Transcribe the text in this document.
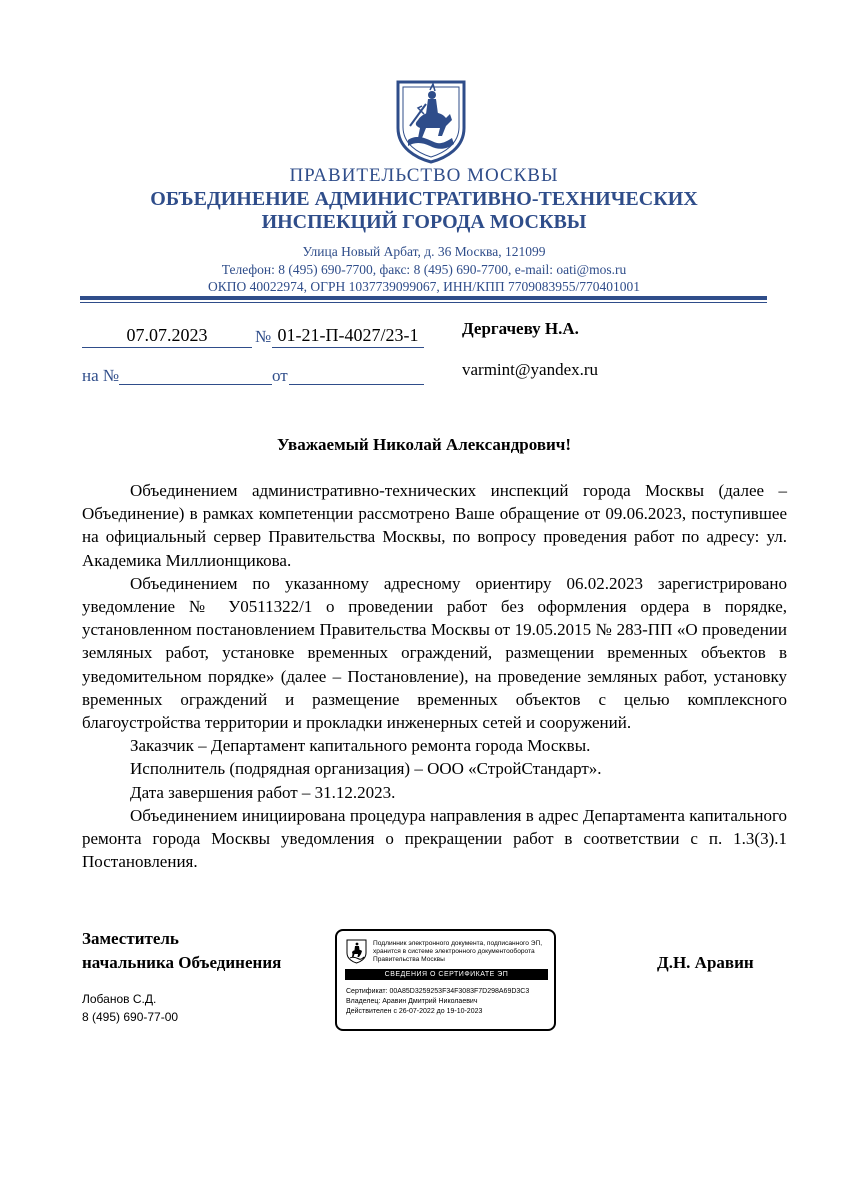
ПРАВИТЕЛЬСТВО МОСКВЫ
ОБЪЕДИНЕНИЕ АДМИНИСТРАТИВНО-ТЕХНИЧЕСКИХ
ИНСПЕКЦИЙ ГОРОДА МОСКВЫ
Улица Новый Арбат, д. 36 Москва, 121099
Телефон: 8 (495) 690-7700, факс: 8 (495) 690-7700, e-mail: oati@mos.ru
ОКПО 40022974, ОГРН 1037739099067, ИНН/КПП 7709083955/770401001
07.07.2023	№ 01-21-П-4027/23-1
на №	от
Дергачеву Н.А.
varmint@yandex.ru
Уважаемый Николай Александрович!

Объединением административно-технических инспекций города Москвы (далее – Объединение) в рамках компетенции рассмотрено Ваше обращение от 09.06.2023, поступившее на официальный сервер Правительства Москвы, по вопросу проведения работ по адресу: ул. Академика Миллионщикова.

Объединением по указанному адресному ориентиру 06.02.2023 зарегистрировано уведомление № У0511322/1 о проведении работ без оформления ордера в порядке, установленном постановлением Правительства Москвы от 19.05.2015 № 283-ПП «О проведении земляных работ, установке временных ограждений, размещении временных объектов в уведомительном порядке» (далее – Постановление), на проведение земляных работ, установку временных ограждений и размещение временных объектов с целью комплексного благоустройства территории и прокладки инженерных сетей и сооружений.

Заказчик – Департамент капитального ремонта города Москвы.

Исполнитель (подрядная организация) – ООО «СтройСтандарт».

Дата завершения работ – 31.12.2023.

Объединением инициирована процедура направления в адрес Департамента капитального ремонта города Москвы уведомления о прекращении работ в соответствии с п. 1.3(3).1 Постановления.

Заместитель
начальника Объединения	Д.Н. Аравин
Лобанов С.Д.
8 (495) 690-77-00
Подлинник электронного документа, подписанного ЭП,
хранится в системе электронного документооборота
Правительства Москвы
СВЕДЕНИЯ О СЕРТИФИКАТЕ ЭП
Сертификат: 00A85D3259253F34F3083F7D298A69D3C3
Владелец: Аравин Дмитрий Николаевич
Действителен с 26-07-2022 до 19-10-2023
